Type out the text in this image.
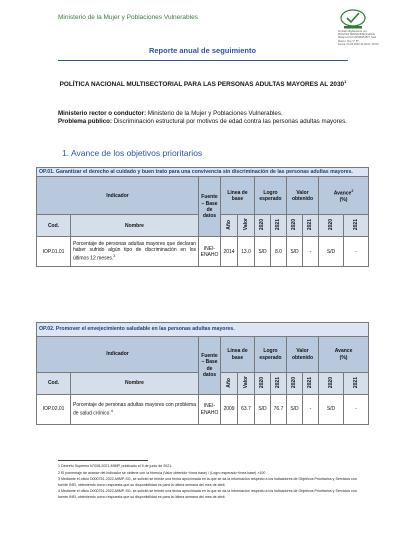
Ministerio de la Mujer y Poblaciones Vulnerables
Firmado digitalmente por:
MONTES FERNANDEZ Fabiola
Milagros FAU 20336951527 hard
Motivo: Doy V° B°
Fecha: 06.05.2022 14:39:01 -05:00
Reporte anual de seguimiento
POLÍTICA NACIONAL MULTISECTORIAL PARA LAS PERSONAS ADULTAS MAYORES AL 2030$^1$
Ministerio rector o conductor: Ministerio de la Mujer y Poblaciones Vulnerables.
Problema público: Discriminación estructural por motivos de edad contra las personas adultas mayores.
1. Avance de los objetivos prioritarios
OP.01. Garantizar el derecho al cuidado y buen trato para una convivencia sin discriminación de las personas adultas mayores.										
Indicador		Fuente – Base de datos	Línea de base		Logro esperado		Valor obtenido		Avance$^2$
(%)	
Cod.	Nombre		Año	Valor	2020	2021	2020	2021	2020	2021
IOP.01.01	Porcentaje de personas adultas mayores que declaran haber sufrido algún tipo de discriminación en los últimos 12 meses.$^3$	INEI-ENAHO	2014	13.0	S/D	8.0	S/D	-	S/D	-
OP.02. Promover el envejecimiento saludable en las personas adultas mayores.										
Indicador		Fuente – Base de datos	Línea de base		Logro esperado		Valor obtenido		Avance
(%)	
Cod.	Nombre		Año	Valor	2020	2021	2020	2021	2020	2021
IOP.02.01	Porcentaje de personas adultas mayores con problema de salud crónico.$^4$	INEI-ENAHO	2009	63.7	S/D	76.7	S/D	-	S/D	-

1 Decreto Supremo N°006-2021-MIMP, publicado el 5 de junio de 2021.

2 El porcentaje de avance del indicador se obtiene con la fórmula (Valor obtenido−línea base) / (Logro esperado−línea base) ×100

3 Mediante el oficio D000751-2022-MIMP-SG, se solicitó se brinde una fecha aproximada en la que se da la información respecto a los indicadores de Objetivos Prioritarios y Servicios con fuente INEI, obteniendo como respuesta que su disponibilidad es para la última semana del mes de abril.

4 Mediante el oficio D000751-2022-MIMP-SG, se solicitó se brinde una fecha aproximada en la que se da la información respecto a los indicadores de Objetivos Prioritarios y Servicios con fuente INEI, obteniendo como respuesta que su disponibilidad es para la última semana del mes de abril.
